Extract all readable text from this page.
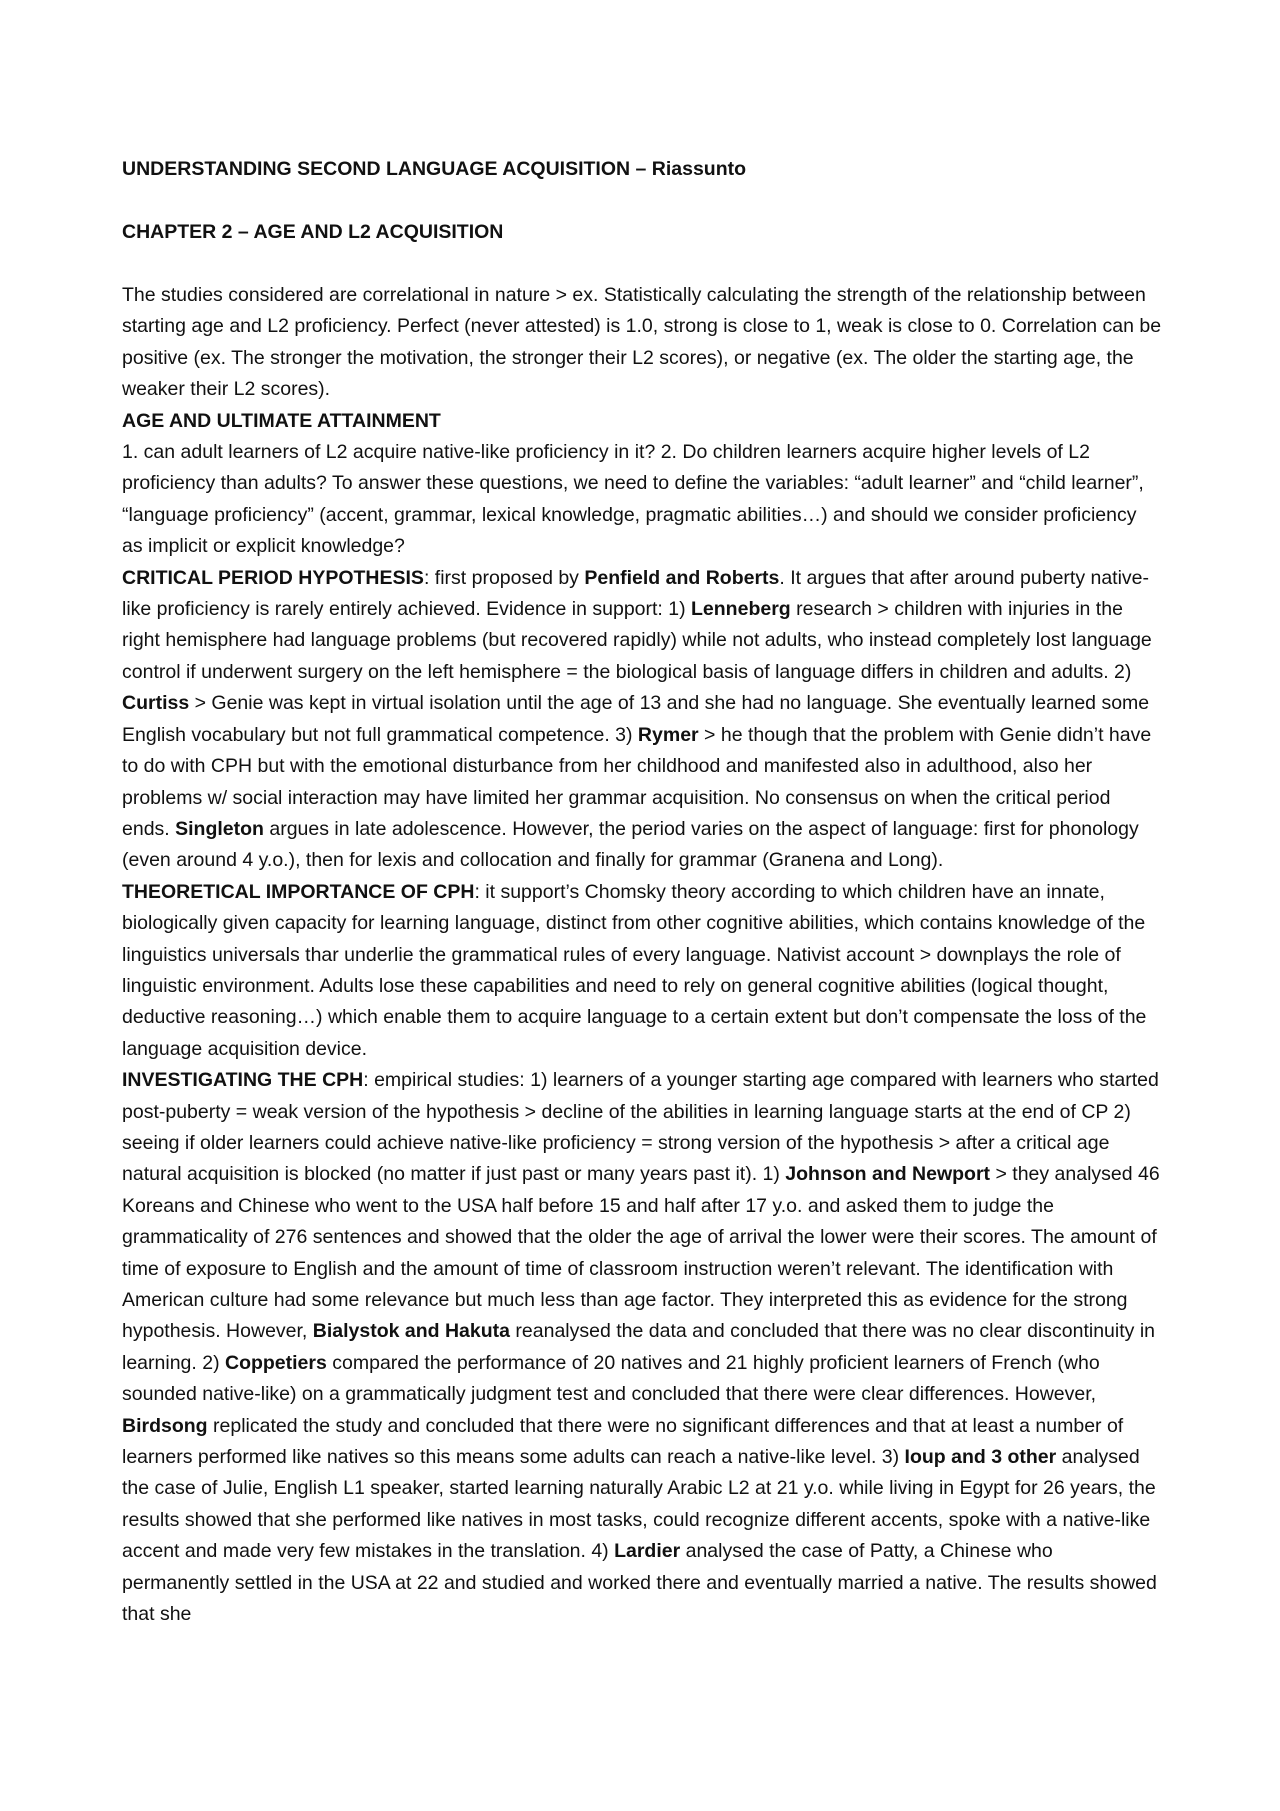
UNDERSTANDING SECOND LANGUAGE ACQUISITION – Riassunto

CHAPTER 2 – AGE AND L2 ACQUISITION

The studies considered are correlational in nature > ex. Statistically calculating the strength of the relationship between starting age and L2 proficiency. Perfect (never attested) is 1.0, strong is close to 1, weak is close to 0. Correlation can be positive (ex. The stronger the motivation, the stronger their L2 scores), or negative (ex. The older the starting age, the weaker their L2 scores).

AGE AND ULTIMATE ATTAINMENT

1. can adult learners of L2 acquire native-like proficiency in it? 2. Do children learners acquire higher levels of L2 proficiency than adults? To answer these questions, we need to define the variables: “adult learner” and “child learner”, “language proficiency” (accent, grammar, lexical knowledge, pragmatic abilities…) and should we consider proficiency as implicit or explicit knowledge?

CRITICAL PERIOD HYPOTHESIS: first proposed by Penfield and Roberts. It argues that after around puberty native-like proficiency is rarely entirely achieved. Evidence in support: 1) Lenneberg research > children with injuries in the right hemisphere had language problems (but recovered rapidly) while not adults, who instead completely lost language control if underwent surgery on the left hemisphere = the biological basis of language differs in children and adults. 2) Curtiss > Genie was kept in virtual isolation until the age of 13 and she had no language. She eventually learned some English vocabulary but not full grammatical competence. 3) Rymer > he though that the problem with Genie didn’t have to do with CPH but with the emotional disturbance from her childhood and manifested also in adulthood, also her problems w/ social interaction may have limited her grammar acquisition. No consensus on when the critical period ends. Singleton argues in late adolescence. However, the period varies on the aspect of language: first for phonology (even around 4 y.o.), then for lexis and collocation and finally for grammar (Granena and Long).

THEORETICAL IMPORTANCE OF CPH: it support’s Chomsky theory according to which children have an innate, biologically given capacity for learning language, distinct from other cognitive abilities, which contains knowledge of the linguistics universals thar underlie the grammatical rules of every language. Nativist account > downplays the role of linguistic environment. Adults lose these capabilities and need to rely on general cognitive abilities (logical thought, deductive reasoning…) which enable them to acquire language to a certain extent but don’t compensate the loss of the language acquisition device.

INVESTIGATING THE CPH: empirical studies: 1) learners of a younger starting age compared with learners who started post-puberty = weak version of the hypothesis > decline of the abilities in learning language starts at the end of CP 2) seeing if older learners could achieve native-like proficiency = strong version of the hypothesis > after a critical age natural acquisition is blocked (no matter if just past or many years past it). 1) Johnson and Newport > they analysed 46 Koreans and Chinese who went to the USA half before 15 and half after 17 y.o. and asked them to judge the grammaticality of 276 sentences and showed that the older the age of arrival the lower were their scores. The amount of time of exposure to English and the amount of time of classroom instruction weren’t relevant. The identification with American culture had some relevance but much less than age factor. They interpreted this as evidence for the strong hypothesis. However, Bialystok and Hakuta reanalysed the data and concluded that there was no clear discontinuity in learning. 2) Coppetiers compared the performance of 20 natives and 21 highly proficient learners of French (who sounded native-like) on a grammatically judgment test and concluded that there were clear differences. However, Birdsong replicated the study and concluded that there were no significant differences and that at least a number of learners performed like natives so this means some adults can reach a native-like level. 3) Ioup and 3 other analysed the case of Julie, English L1 speaker, started learning naturally Arabic L2 at 21 y.o. while living in Egypt for 26 years, the results showed that she performed like natives in most tasks, could recognize different accents, spoke with a native-like accent and made very few mistakes in the translation. 4) Lardier analysed the case of Patty, a Chinese who permanently settled in the USA at 22 and studied and worked there and eventually married a native. The results showed that she
